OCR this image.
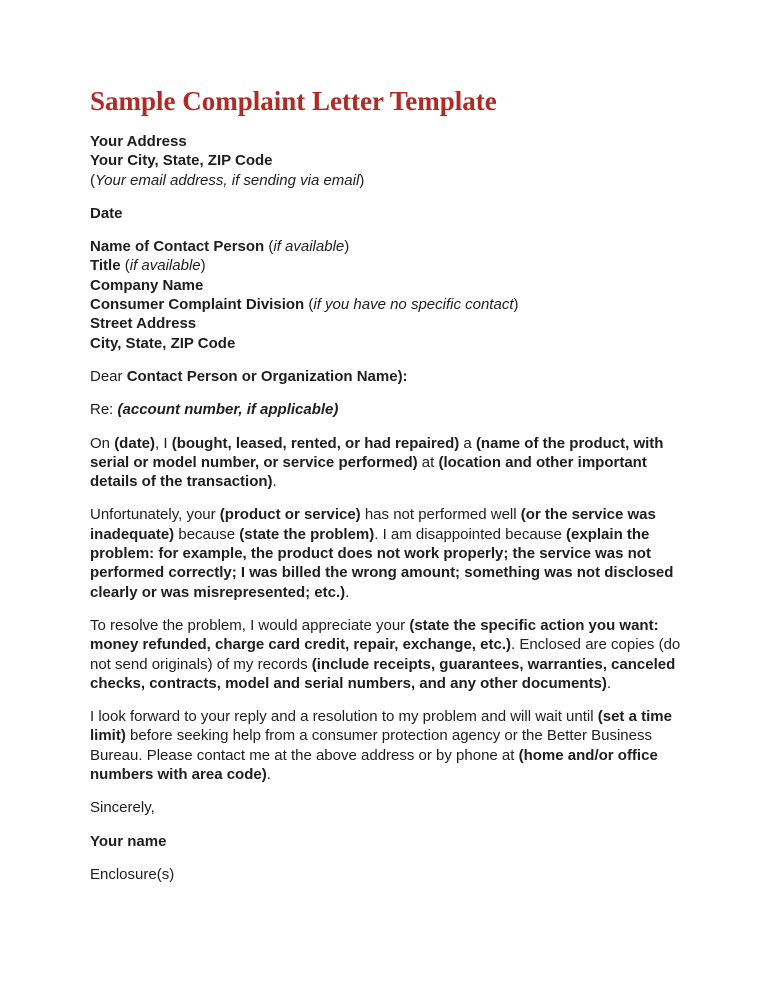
Sample Complaint Letter Template
Your Address
Your City, State, ZIP Code
(Your email address, if sending via email)
Date
Name of Contact Person (if available)
Title (if available)
Company Name
Consumer Complaint Division (if you have no specific contact)
Street Address
City, State, ZIP Code
Dear Contact Person or Organization Name):
Re: (account number, if applicable)
On (date), I (bought, leased, rented, or had repaired) a (name of the product, with serial or model number, or service performed) at (location and other important details of the transaction).
Unfortunately, your (product or service) has not performed well (or the service was inadequate) because (state the problem). I am disappointed because (explain the problem: for example, the product does not work properly; the service was not performed correctly; I was billed the wrong amount; something was not disclosed clearly or was misrepresented; etc.).
To resolve the problem, I would appreciate your (state the specific action you want: money refunded, charge card credit, repair, exchange, etc.). Enclosed are copies (do not send originals) of my records (include receipts, guarantees, warranties, canceled checks, contracts, model and serial numbers, and any other documents).
I look forward to your reply and a resolution to my problem and will wait until (set a time limit) before seeking help from a consumer protection agency or the Better Business Bureau. Please contact me at the above address or by phone at (home and/or office numbers with area code).
Sincerely,
Your name
Enclosure(s)
